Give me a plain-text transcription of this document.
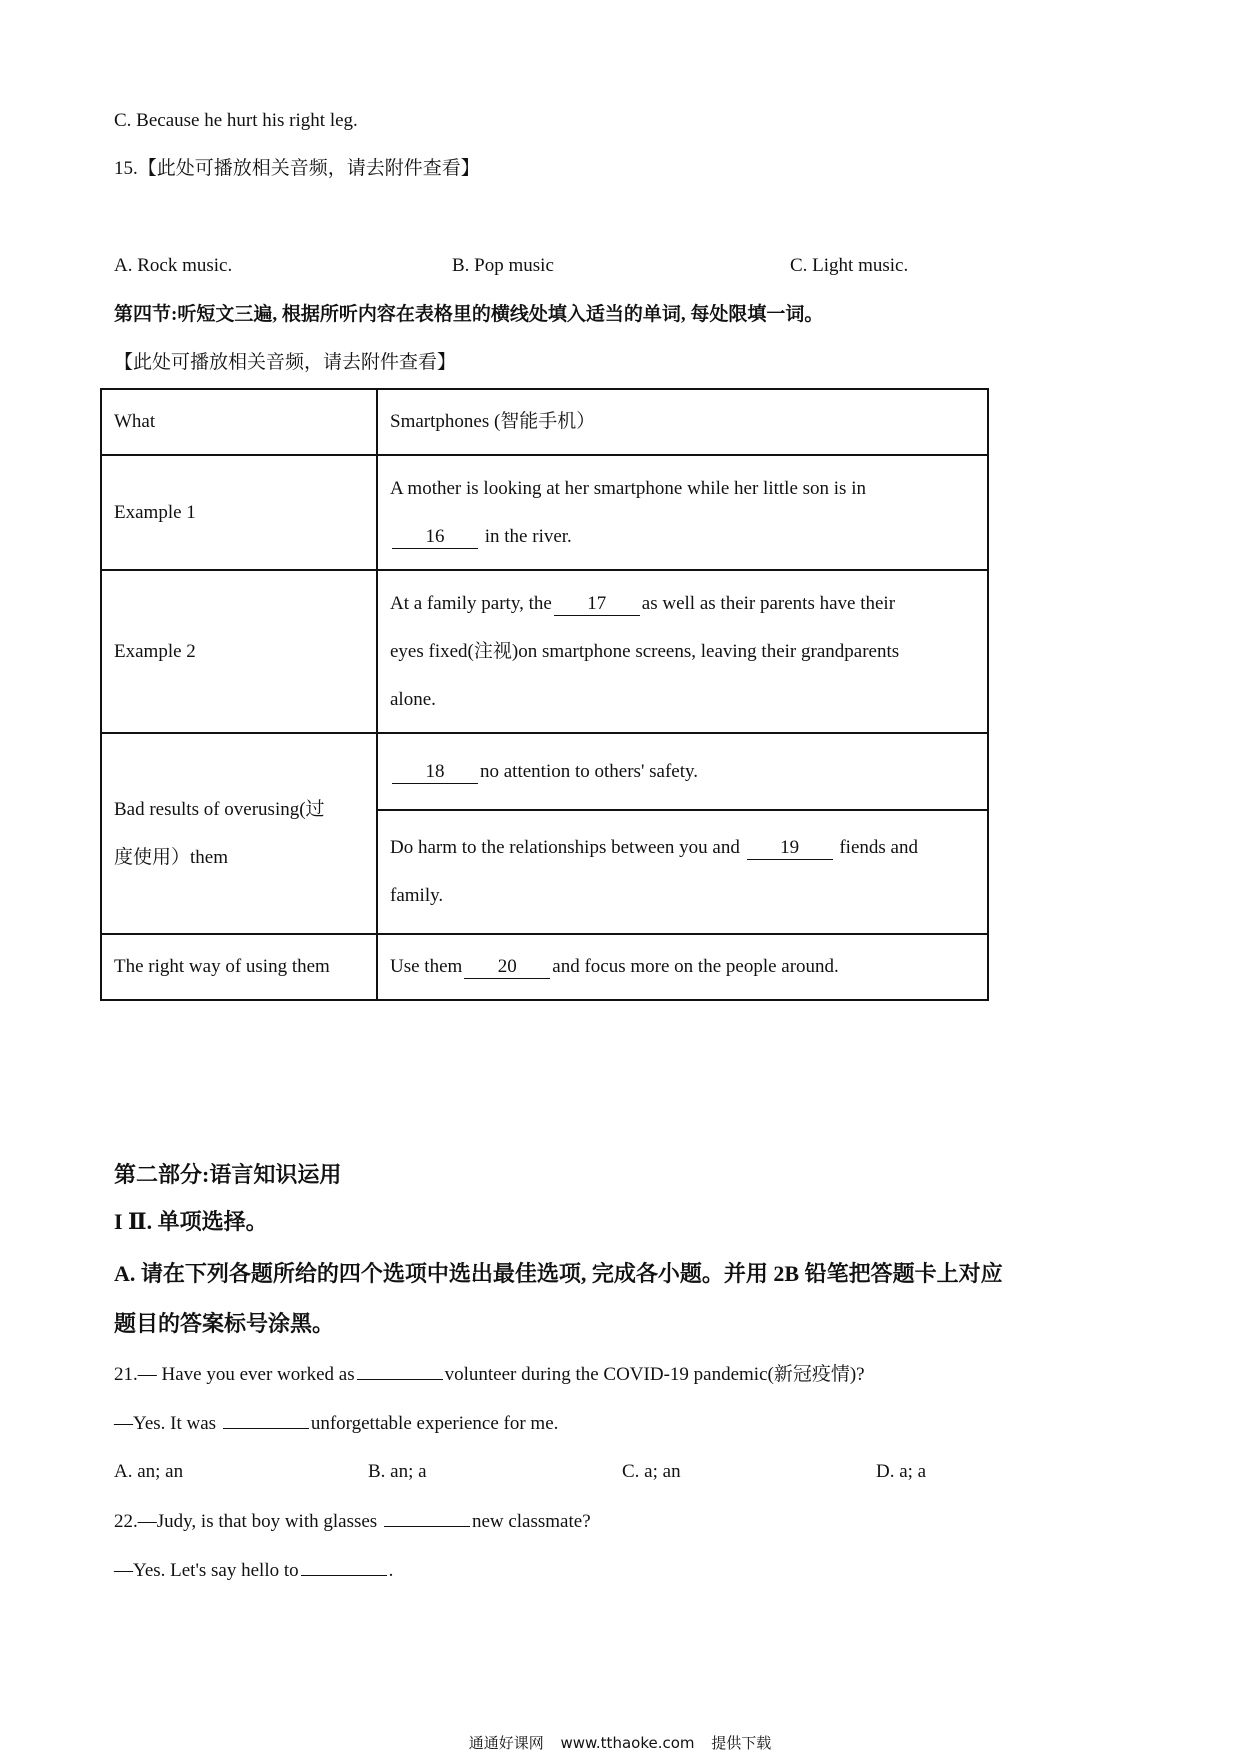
C. Because he hurt his right leg.
15.【此处可播放相关音频，请去附件查看】
A. Rock music.	B. Pop music	C. Light music.
第四节:听短文三遍, 根据所听内容在表格里的横线处填入适当的单词, 每处限填一词。
【此处可播放相关音频，请去附件查看】
What	Smartphones (智能手机）
Example 1	A mother is looking at her smartphone while her little son is in
16 in the river.

Example 2	At a family party, the 17 as well as their parents have their
eyes fixed(注视)on smartphone screens, leaving their grandparents
alone.

Bad results of overusing(过
度使用）them	18 no attention to others' safety.

	Do harm to the relationships between you and 19 fiends and
family.

The right way of using them	Use them 20 and focus more on the people around.
第二部分:语言知识运用
I Ⅱ. 单项选择。
A. 请在下列各题所给的四个选项中选出最佳选项, 完成各小题。并用 2B 铅笔把答题卡上对应
题目的答案标号涂黑。
21.— Have you ever worked as	volunteer during the COVID-19 pandemic(新冠疫情)?
—Yes. It was	unforgettable experience for me.
A. an; an	B. an; a	C. a; an	D. a; a
22.—Judy, is that boy with glasses	new classmate?
—Yes. Let's say hello to	.
通通好课网 www.tthaoke.com 提供下载
